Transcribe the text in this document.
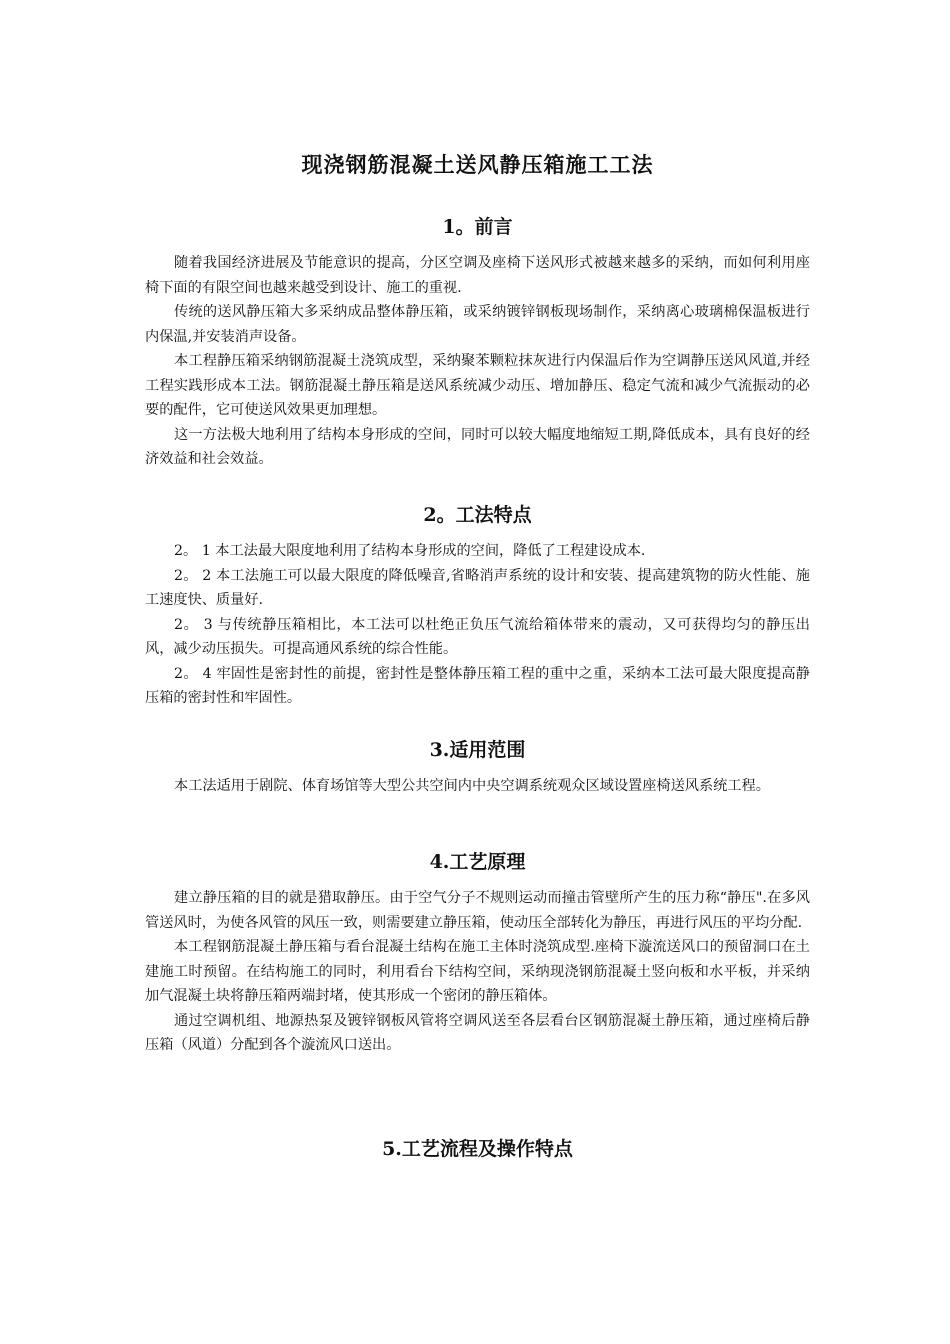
现浇钢筋混凝土送风静压箱施工工法
1。前言

随着我国经济进展及节能意识的提高，分区空调及座椅下送风形式被越来越多的采纳，而如何利用座椅下面的有限空间也越来越受到设计、施工的重视.

传统的送风静压箱大多采纳成品整体静压箱，或采纳镀锌钢板现场制作，采纳离心玻璃棉保温板进行内保温,并安装消声设备。

本工程静压箱采纳钢筋混凝土浇筑成型，采纳聚苯颗粒抹灰进行内保温后作为空调静压送风风道,并经工程实践形成本工法。钢筋混凝土静压箱是送风系统减少动压、增加静压、稳定气流和减少气流振动的必要的配件，它可使送风效果更加理想。

这一方法极大地利用了结构本身形成的空间，同时可以较大幅度地缩短工期,降低成本，具有良好的经济效益和社会效益。

2。工法特点

2。 1 本工法最大限度地利用了结构本身形成的空间，降低了工程建设成本.

2。 2 本工法施工可以最大限度的降低噪音,省略消声系统的设计和安装、提高建筑物的防火性能、施工速度快、质量好.

2。 3 与传统静压箱相比，本工法可以杜绝正负压气流给箱体带来的震动，又可获得均匀的静压出风，减少动压损失。可提高通风系统的综合性能。

2。 4 牢固性是密封性的前提，密封性是整体静压箱工程的重中之重，采纳本工法可最大限度提高静压箱的密封性和牢固性。

3.适用范围

本工法适用于剧院、体育场馆等大型公共空间内中央空调系统观众区域设置座椅送风系统工程。

4.工艺原理

建立静压箱的目的就是猎取静压。由于空气分子不规则运动而撞击管壁所产生的压力称“静压".在多风管送风时，为使各风管的风压一致，则需要建立静压箱，使动压全部转化为静压，再进行风压的平均分配.

本工程钢筋混凝土静压箱与看台混凝土结构在施工主体时浇筑成型.座椅下漩流送风口的预留洞口在土建施工时预留。在结构施工的同时，利用看台下结构空间，采纳现浇钢筋混凝土竖向板和水平板，并采纳加气混凝土块将静压箱两端封堵，使其形成一个密闭的静压箱体。

通过空调机组、地源热泵及镀锌钢板风管将空调风送至各层看台区钢筋混凝土静压箱，通过座椅后静压箱（风道）分配到各个漩流风口送出。

5.工艺流程及操作特点
